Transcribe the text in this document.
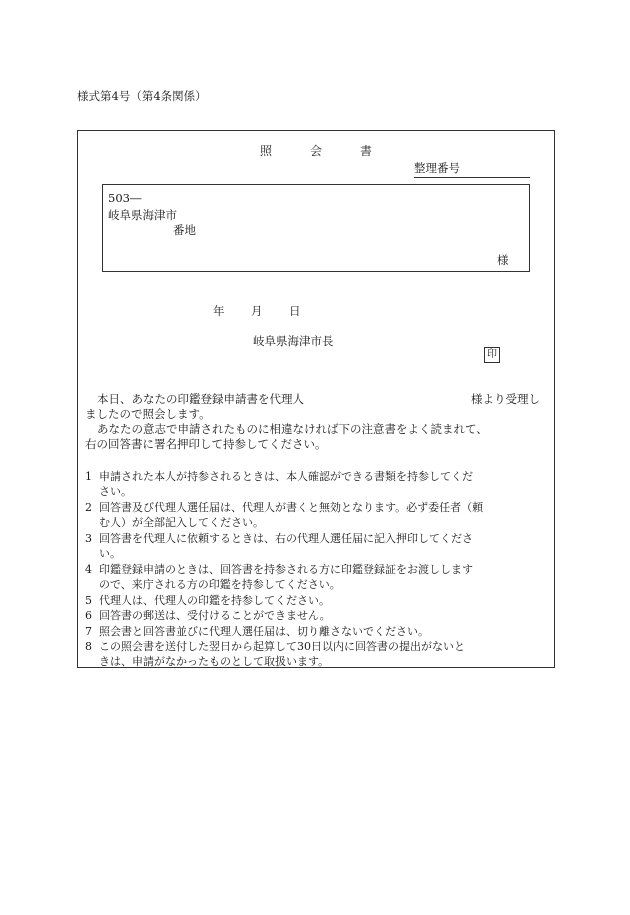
様式第4号（第4条関係）
照	会	書
整理番号
503―
岐阜県海津市
番地
様
年 月 日
岐阜県海津市長
印
本日、あなたの印鑑登録申請書を代理人	様より受理し
ましたので照会します。
あなたの意志で申請されたものに相違なければ下の注意書をよく読まれて、
右の回答書に署名押印して持参してください。
1 申請された本人が持参されるときは、本人確認ができる書類を持参してくだ
さい。
2 回答書及び代理人選任届は、代理人が書くと無効となります。必ず委任者（頼
む人）が全部記入してください。
3 回答書を代理人に依頼するときは、右の代理人選任届に記入押印してくださ
い。
4 印鑑登録申請のときは、回答書を持参される方に印鑑登録証をお渡しします
ので、来庁される方の印鑑を持参してください。
5 代理人は、代理人の印鑑を持参してください。
6 回答書の郵送は、受付けることができません。
7 照会書と回答書並びに代理人選任届は、切り離さないでください。
8 この照会書を送付した翌日から起算して30日以内に回答書の提出がないと
きは、申請がなかったものとして取扱います。
